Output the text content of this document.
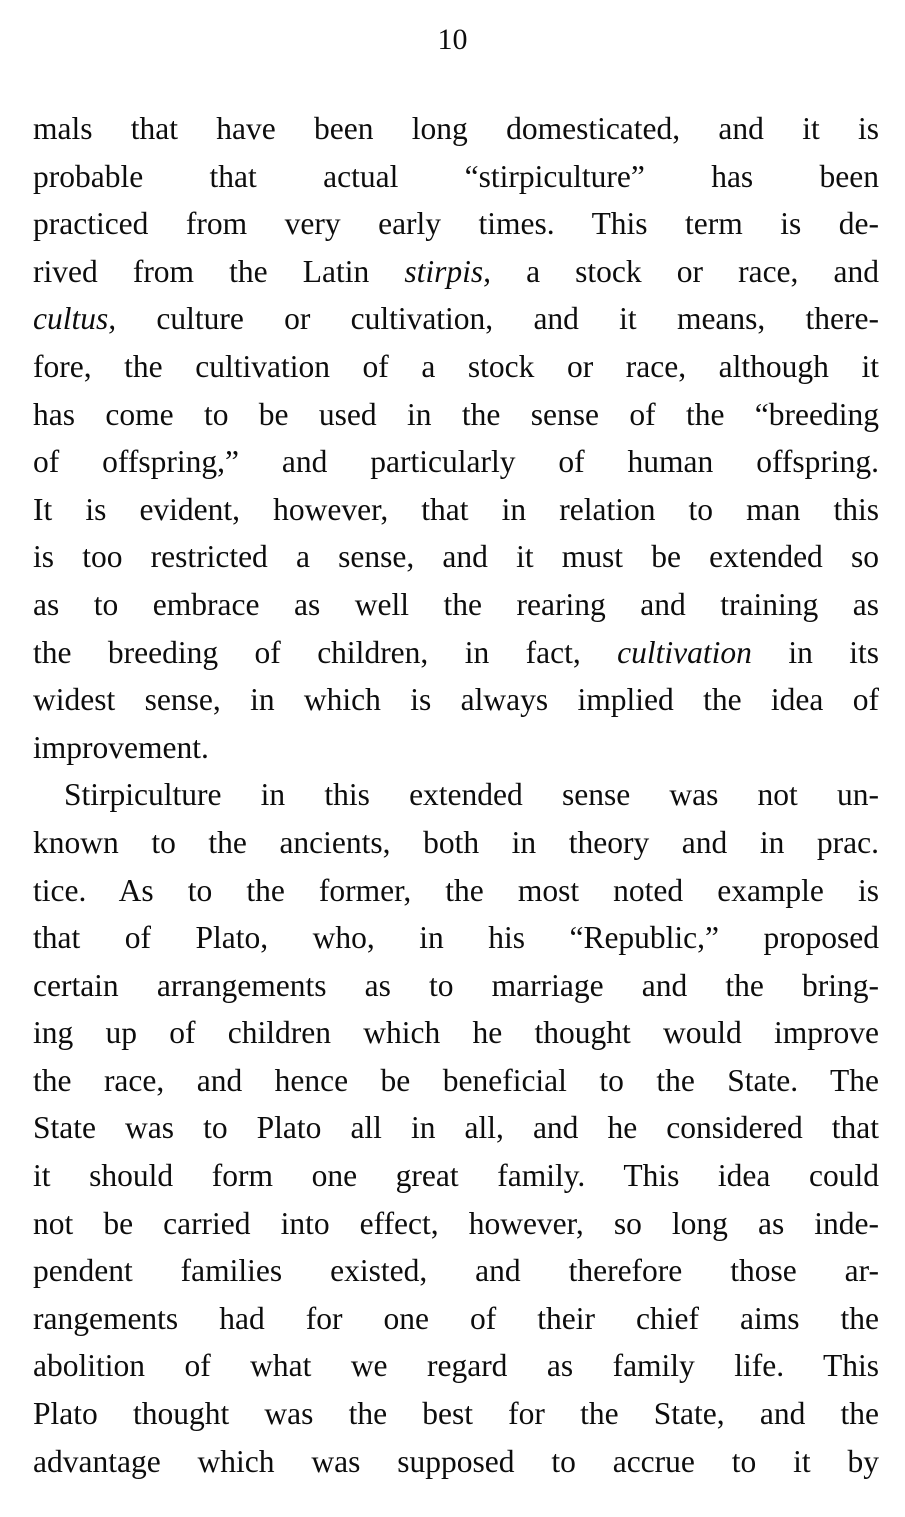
10
mals that have been long domesticated, and it is
probable that actual “stirpiculture” has been
practiced from very early times. This term is de-
rived from the Latin stirpis, a stock or race, and
cultus, culture or cultivation, and it means, there-
fore, the cultivation of a stock or race, although it
has come to be used in the sense of the “breeding
of offspring,” and particularly of human offspring.
It is evident, however, that in relation to man this
is too restricted a sense, and it must be extended so
as to embrace as well the rearing and training as
the breeding of children, in fact, cultivation in its
widest sense, in which is always implied the idea of
improvement.
Stirpiculture in this extended sense was not un-
known to the ancients, both in theory and in prac.
tice. As to the former, the most noted example is
that of Plato, who, in his “Republic,” proposed
certain arrangements as to marriage and the bring-
ing up of children which he thought would improve
the race, and hence be beneficial to the State. The
State was to Plato all in all, and he considered that
it should form one great family. This idea could
not be carried into effect, however, so long as inde-
pendent families existed, and therefore those ar-
rangements had for one of their chief aims the
abolition of what we regard as family life. This
Plato thought was the best for the State, and the
advantage which was supposed to accrue to it by
